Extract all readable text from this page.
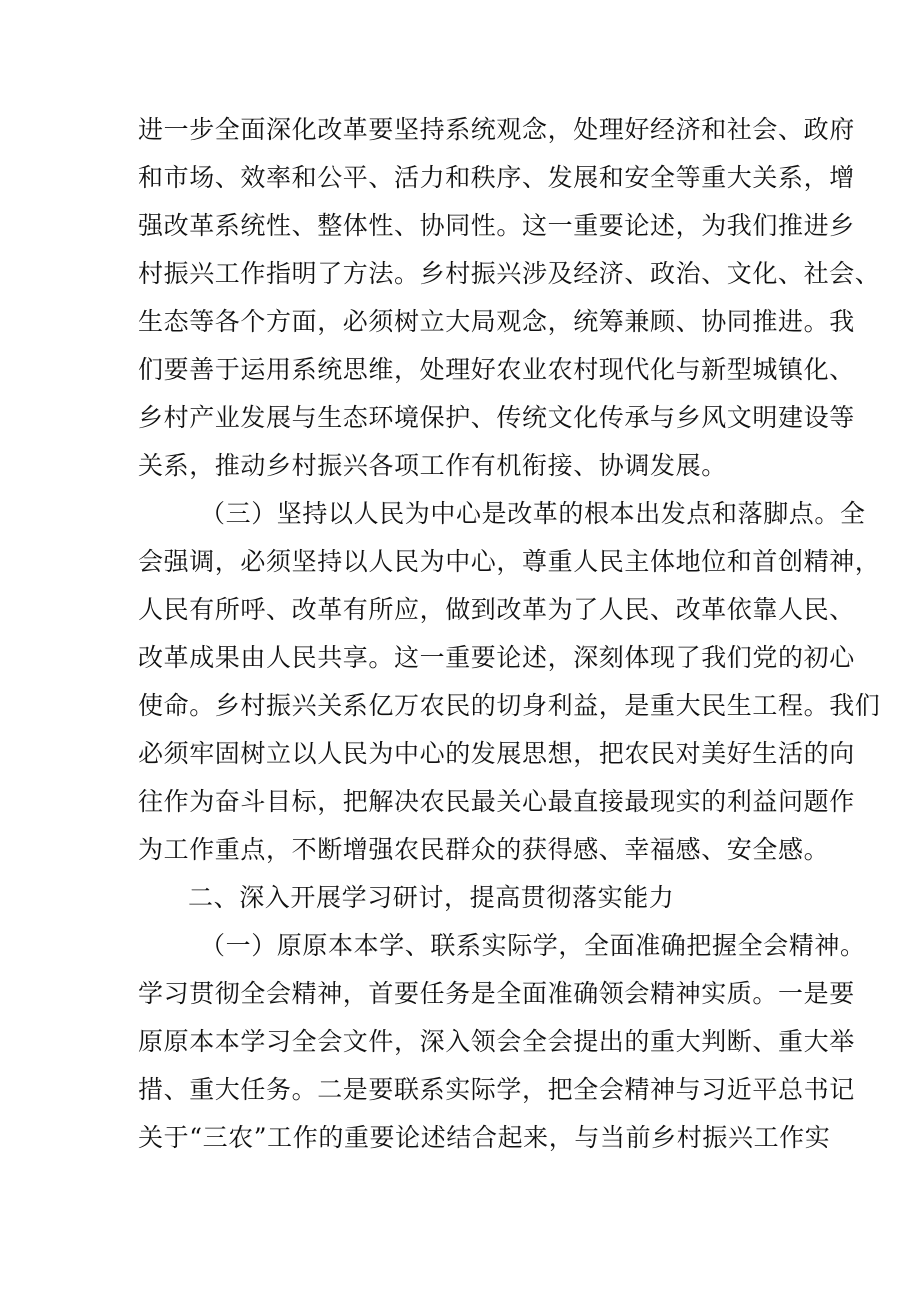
进一步全面深化改革要坚持系统观念，处理好经济和社会、政府
和市场、效率和公平、活力和秩序、发展和安全等重大关系，增
强改革系统性、整体性、协同性。这一重要论述，为我们推进乡
村振兴工作指明了方法。乡村振兴涉及经济、政治、文化、社会、
生态等各个方面，必须树立大局观念，统筹兼顾、协同推进。我
们要善于运用系统思维，处理好农业农村现代化与新型城镇化、
乡村产业发展与生态环境保护、传统文化传承与乡风文明建设等
关系，推动乡村振兴各项工作有机衔接、协调发展。
（三）坚持以人民为中心是改革的根本出发点和落脚点。全
会强调，必须坚持以人民为中心，尊重人民主体地位和首创精神，
人民有所呼、改革有所应，做到改革为了人民、改革依靠人民、
改革成果由人民共享。这一重要论述，深刻体现了我们党的初心
使命。乡村振兴关系亿万农民的切身利益，是重大民生工程。我们
必须牢固树立以人民为中心的发展思想，把农民对美好生活的向
往作为奋斗目标，把解决农民最关心最直接最现实的利益问题作
为工作重点，不断增强农民群众的获得感、幸福感、安全感。
二、深入开展学习研讨，提高贯彻落实能力
（一）原原本本学、联系实际学，全面准确把握全会精神。
学习贯彻全会精神，首要任务是全面准确领会精神实质。一是要
原原本本学习全会文件，深入领会全会提出的重大判断、重大举
措、重大任务。二是要联系实际学，把全会精神与习近平总书记
关于“三农”工作的重要论述结合起来，与当前乡村振兴工作实
